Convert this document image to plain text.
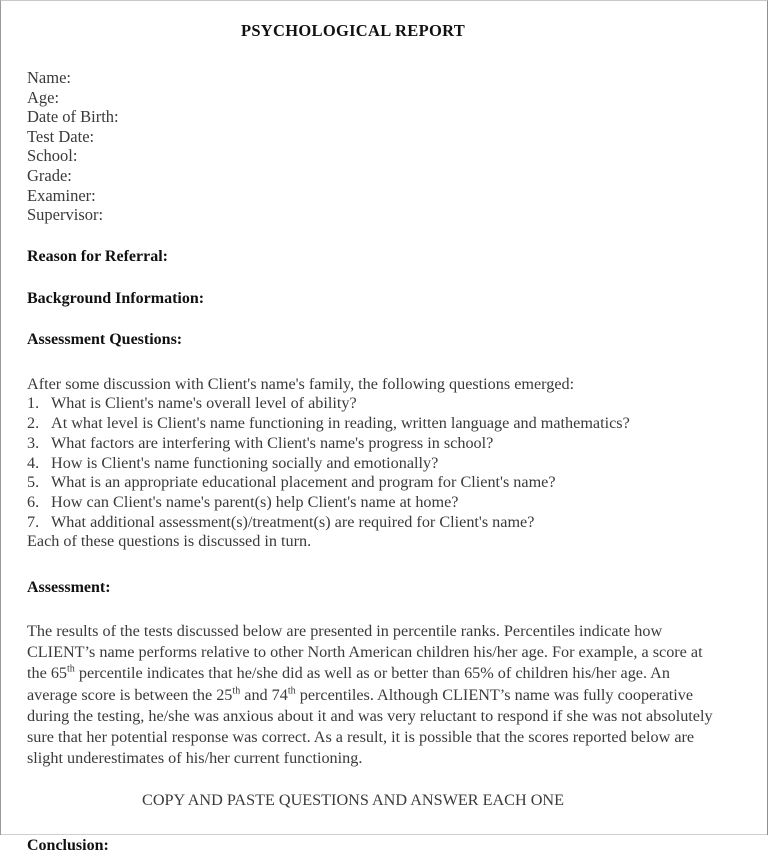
PSYCHOLOGICAL REPORT
Name:
Age:
Date of Birth:
Test Date:
School:
Grade:
Examiner:
Supervisor:

Reason for Referral:

Background Information:

Assessment Questions:

After some discussion with Client's name's family, the following questions emerged:

1. What is Client's name's overall level of ability?
2. At what level is Client's name functioning in reading, written language and mathematics?
3. What factors are interfering with Client's name's progress in school?
4. How is Client's name functioning socially and emotionally?
5. What is an appropriate educational placement and program for Client's name?
6. How can Client's name's parent(s) help Client's name at home?
7. What additional assessment(s)/treatment(s) are required for Client's name?

Each of these questions is discussed in turn.

Assessment:

The results of the tests discussed below are presented in percentile ranks. Percentiles indicate how CLIENT’s name performs relative to other North American children his/her age. For example, a score at the 65th percentile indicates that he/she did as well as or better than 65% of children his/her age. An average score is between the 25th and 74th percentiles. Although CLIENT’s name was fully cooperative during the testing, he/she was anxious about it and was very reluctant to respond if she was not absolutely sure that her potential response was correct. As a result, it is possible that the scores reported below are slight underestimates of his/her current functioning.

COPY AND PASTE QUESTIONS AND ANSWER EACH ONE

Conclusion:
